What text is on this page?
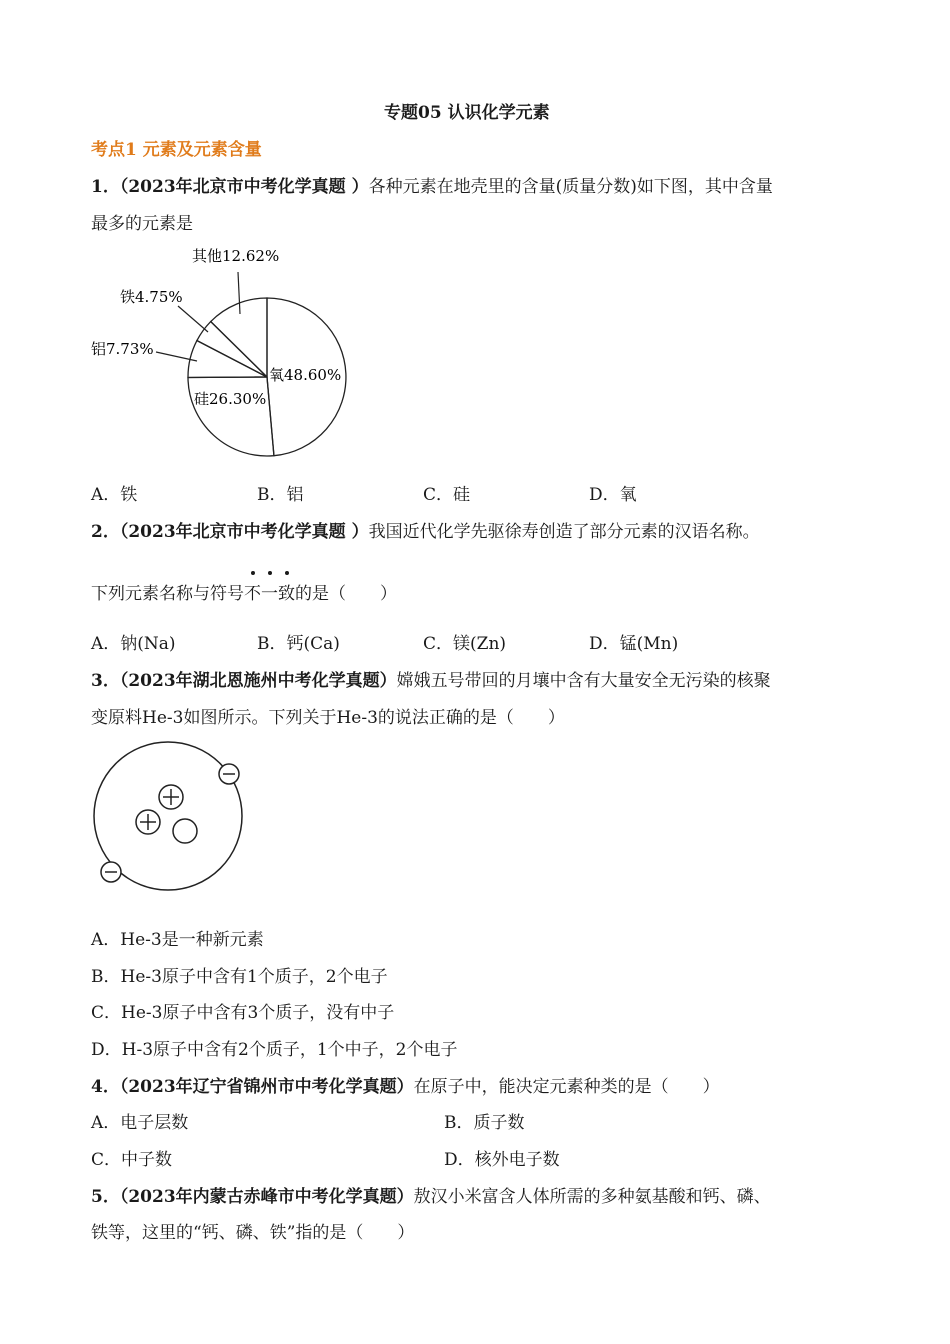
专题05 认识化学元素
考点1 元素及元素含量
1．（2023年北京市中考化学真题 ）各种元素在地壳里的含量(质量分数)如下图，其中含量
最多的元素是
其他12.62%
铁4.75%
铝7.73%
氧48.60%
硅26.30%
A．铁	B．铝	C．硅	D．氧
2．（2023年北京市中考化学真题 ）我国近代化学先驱徐寿创造了部分元素的汉语名称。
下列元素名称与符号不一致的是（　　）
A．钠(Na)	B．钙(Ca)	C．镁(Zn)	D．锰(Mn)
3．（2023年湖北恩施州中考化学真题）嫦娥五号带回的月壤中含有大量安全无污染的核聚
变原料He-3如图所示。下列关于He-3的说法正确的是（　　）
A．He-3是一种新元素
B．He-3原子中含有1个质子，2个电子
C．He-3原子中含有3个质子，没有中子
D．H-3原子中含有2个质子，1个中子，2个电子
4．（2023年辽宁省锦州市中考化学真题）在原子中，能决定元素种类的是（　　）
A．电子层数	B．质子数
C．中子数	D．核外电子数
5．（2023年内蒙古赤峰市中考化学真题）敖汉小米富含人体所需的多种氨基酸和钙、磷、
铁等，这里的“钙、磷、铁”指的是（　　）
